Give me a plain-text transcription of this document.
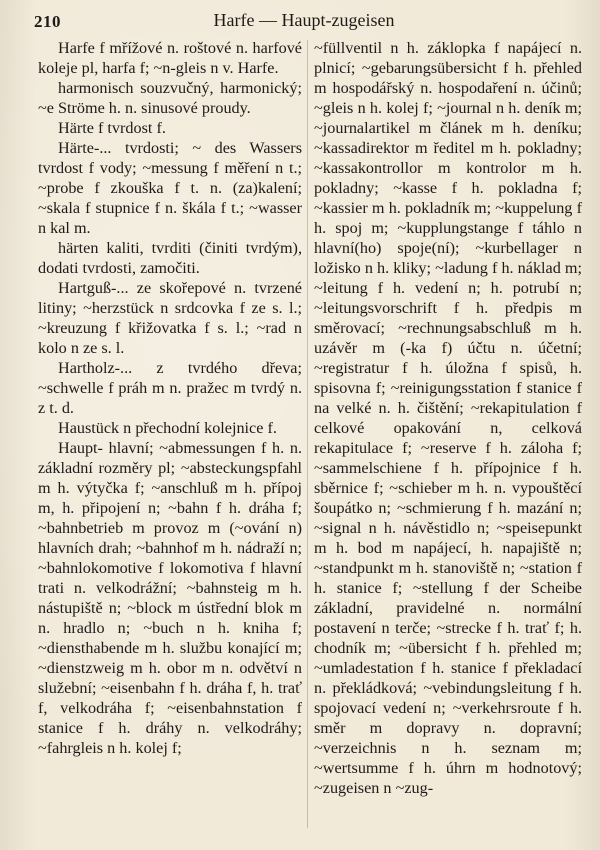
210	Harfe — Haupt-zugeisen

Harfe f mřížové n. roštové n. harfové koleje pl, harfa f; ~n-gleis n v. Harfe.

harmonisch souzvučný, harmonický; ~e Ströme h. n. sinusové proudy.

Härte f tvrdost f.

Härte-... tvrdosti; ~ des Wassers tvrdost f vody; ~messung f měření n t.; ~probe f zkouška f t. n. (za)kalení; ~skala f stupnice f n. škála f t.; ~wasser n kal m.

härten kaliti, tvrditi (činiti tvrdým), dodati tvrdosti, zamočiti.

Hartguß-... ze skořepové n. tvrzené litiny; ~herzstück n srdcovka f ze s. l.; ~kreuzung f křižovatka f s. l.; ~rad n kolo n ze s. l.

Hartholz-... z tvrdého dřeva; ~schwelle f práh m n. pražec m tvrdý n. z t. d.

Haustück n přechodní kolejnice f.

Haupt- hlavní; ~abmessungen f h. n. základní rozměry pl; ~absteckungspfahl m h. výtyčka f; ~anschluß m h. přípoj m, h. připojení n; ~bahn f h. dráha f; ~bahnbetrieb m provoz m (~ování n) hlavních drah; ~bahnhof m h. nádraží n; ~bahnlokomotive f lokomotiva f hlavní trati n. velkodrážní; ~bahnsteig m h. nástupiště n; ~block m ústřední blok m n. hradlo n; ~buch n h. kniha f; ~diensthabende m h. službu konající m; ~dienstzweig m h. obor m n. odvětví n služební; ~eisenbahn f h. dráha f, h. trať f, velkodráha f; ~eisenbahnstation f stanice f h. dráhy n. velkodráhy; ~fahrgleis n h. kolej f;

~füllventil n h. záklopka f napájecí n. plnicí; ~gebarungsübersicht f h. přehled m hospodářský n. hospodaření n. účinů; ~gleis n h. kolej f; ~journal n h. deník m; ~journalartikel m článek m h. deníku; ~kassadirektor m ředitel m h. pokladny; ~kassakontrollor m kontrolor m h. pokladny; ~kasse f h. pokladna f; ~kassier m h. pokladník m; ~kuppelung f h. spoj m; ~kupplungstange f táhlo n hlavní(ho) spoje(ní); ~kurbellager n ložisko n h. kliky; ~ladung f h. náklad m; ~leitung f h. vedení n; h. potrubí n; ~leitungsvorschrift f h. předpis m směrovací; ~rechnungsabschluß m h. uzávěr m (-ka f) účtu n. účetní; ~registratur f h. úložna f spisů, h. spisovna f; ~reinigungsstation f stanice f na velké n. h. čištění; ~rekapitulation f celkové opakování n, celková rekapitulace f; ~reserve f h. záloha f; ~sammelschiene f h. přípojnice f h. sběrnice f; ~schieber m h. n. vypouštěcí šoupátko n; ~schmierung f h. mazání n; ~signal n h. návěstidlo n; ~speisepunkt m h. bod m napájecí, h. napajiště n; ~standpunkt m h. stanoviště n; ~station f h. stanice f; ~stellung f der Scheibe základní, pravidelné n. normální postavení n terče; ~strecke f h. trať f; h. chodník m; ~übersicht f h. přehled m; ~umladestation f h. stanice f překladací n. překládková; ~vebindungsleitung f h. spojovací vedení n; ~verkehrsroute f h. směr m dopravy n. dopravní; ~verzeichnis n h. seznam m; ~wertsumme f h. úhrn m hodnotový; ~zugeisen n ~zug-
